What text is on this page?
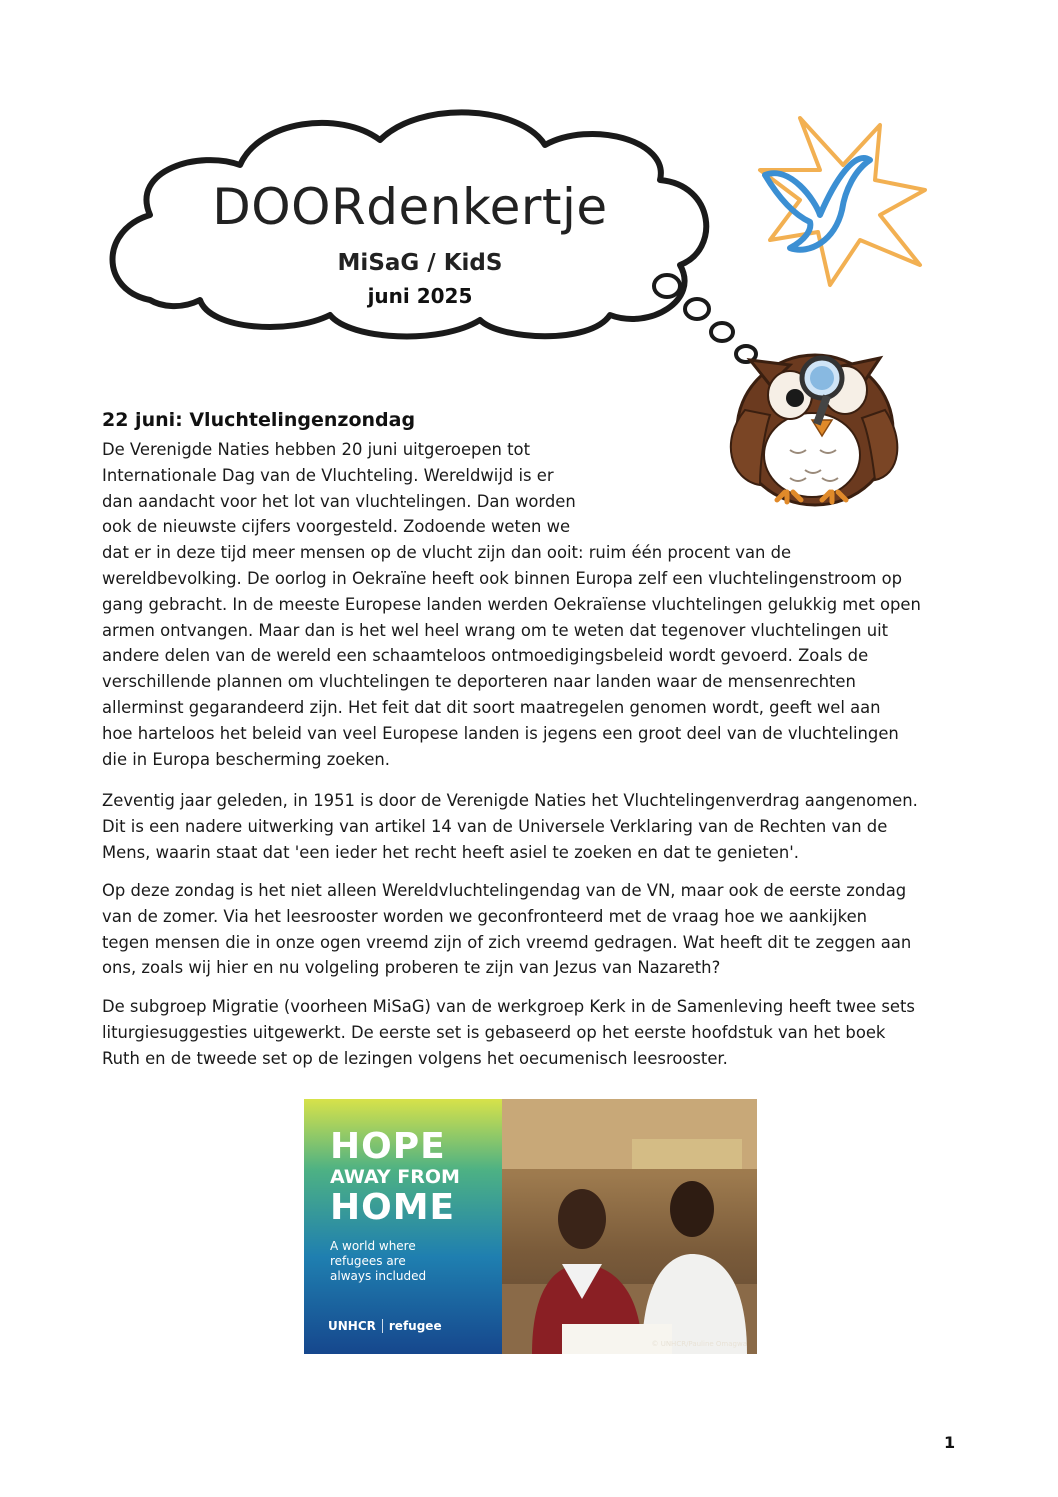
DOORdenkertje
MiSaG / KidS
juni 2025
22 juni: Vluchtelingenzondag
De Verenigde Naties hebben 20 juni uitgeroepen tot
Internationale Dag van de Vluchteling. Wereldwijd is er
dan aandacht voor het lot van vluchtelingen. Dan worden
ook de nieuwste cijfers voorgesteld. Zodoende weten we
dat er in deze tijd meer mensen op de vlucht zijn dan ooit: ruim één procent van de
wereldbevolking. De oorlog in Oekraïne heeft ook binnen Europa zelf een vluchtelingenstroom op
gang gebracht. In de meeste Europese landen werden Oekraïense vluchtelingen gelukkig met open
armen ontvangen. Maar dan is het wel heel wrang om te weten dat tegenover vluchtelingen uit
andere delen van de wereld een schaamteloos ontmoedigingsbeleid wordt gevoerd. Zoals de
verschillende plannen om vluchtelingen te deporteren naar landen waar de mensenrechten
allerminst gegarandeerd zijn. Het feit dat dit soort maatregelen genomen wordt, geeft wel aan
hoe harteloos het beleid van veel Europese landen is jegens een groot deel van de vluchtelingen
die in Europa bescherming zoeken.
Zeventig jaar geleden, in 1951 is door de Verenigde Naties het Vluchtelingenverdrag aangenomen.
Dit is een nadere uitwerking van artikel 14 van de Universele Verklaring van de Rechten van de
Mens, waarin staat dat 'een ieder het recht heeft asiel te zoeken en dat te genieten'.
Op deze zondag is het niet alleen Wereldvluchtelingendag van de VN, maar ook de eerste zondag
van de zomer. Via het leesrooster worden we geconfronteerd met de vraag hoe we aankijken
tegen mensen die in onze ogen vreemd zijn of zich vreemd gedragen. Wat heeft dit te zeggen aan
ons, zoals wij hier en nu volgeling proberen te zijn van Jezus van Nazareth?
De subgroep Migratie (voorheen MiSaG) van de werkgroep Kerk in de Samenleving heeft twee sets
liturgiesuggesties uitgewerkt. De eerste set is gebaseerd op het eerste hoofdstuk van het boek
Ruth en de tweede set op de lezingen volgens het oecumenisch leesrooster.
HOPE
AWAY FROM
HOME
A world where
refugees are
always included
UNHCR refugee
© UNHCR/Pauline Omagwa
1
